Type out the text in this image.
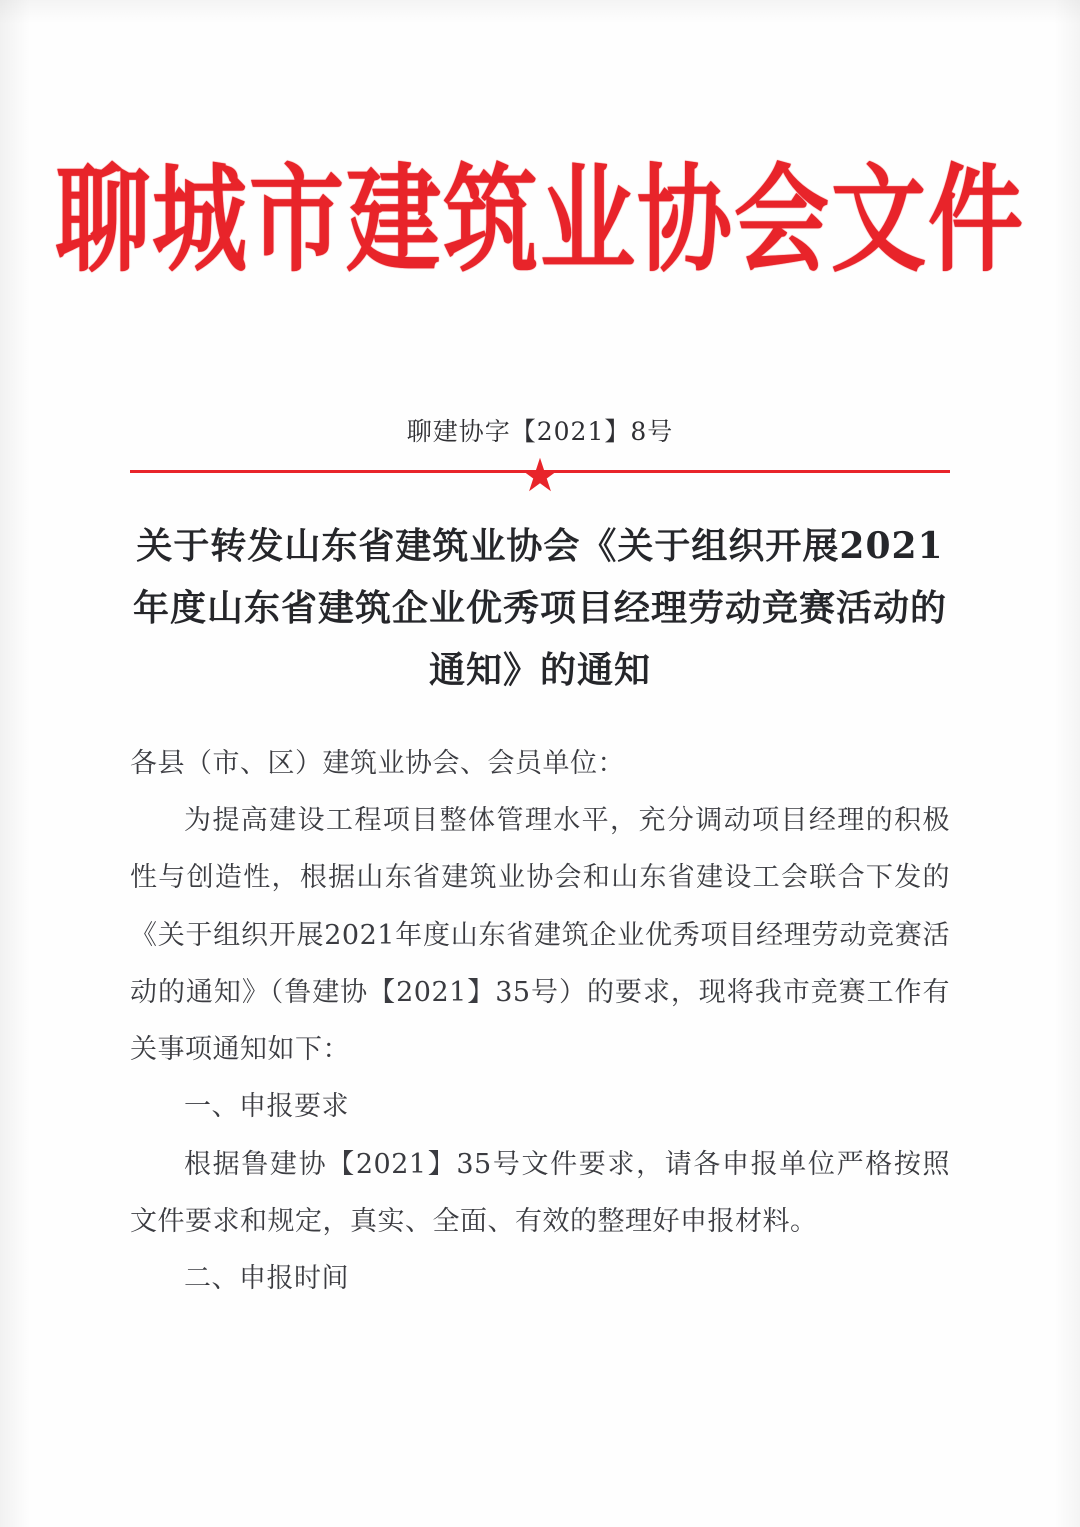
聊城市建筑业协会文件
聊建协字【2021】8号
★
关于转发山东省建筑业协会《关于组织开展2021年度山东省建筑企业优秀项目经理劳动竞赛活动的通知》的通知

各县（市、区）建筑业协会、会员单位：

为提高建设工程项目整体管理水平，充分调动项目经理的积极性与创造性，根据山东省建筑业协会和山东省建设工会联合下发的《关于组织开展2021年度山东省建筑企业优秀项目经理劳动竞赛活动的通知》（鲁建协【2021】35号）的要求，现将我市竞赛工作有关事项通知如下：

一、申报要求

根据鲁建协【2021】35号文件要求，请各申报单位严格按照文件要求和规定，真实、全面、有效的整理好申报材料。

二、申报时间
